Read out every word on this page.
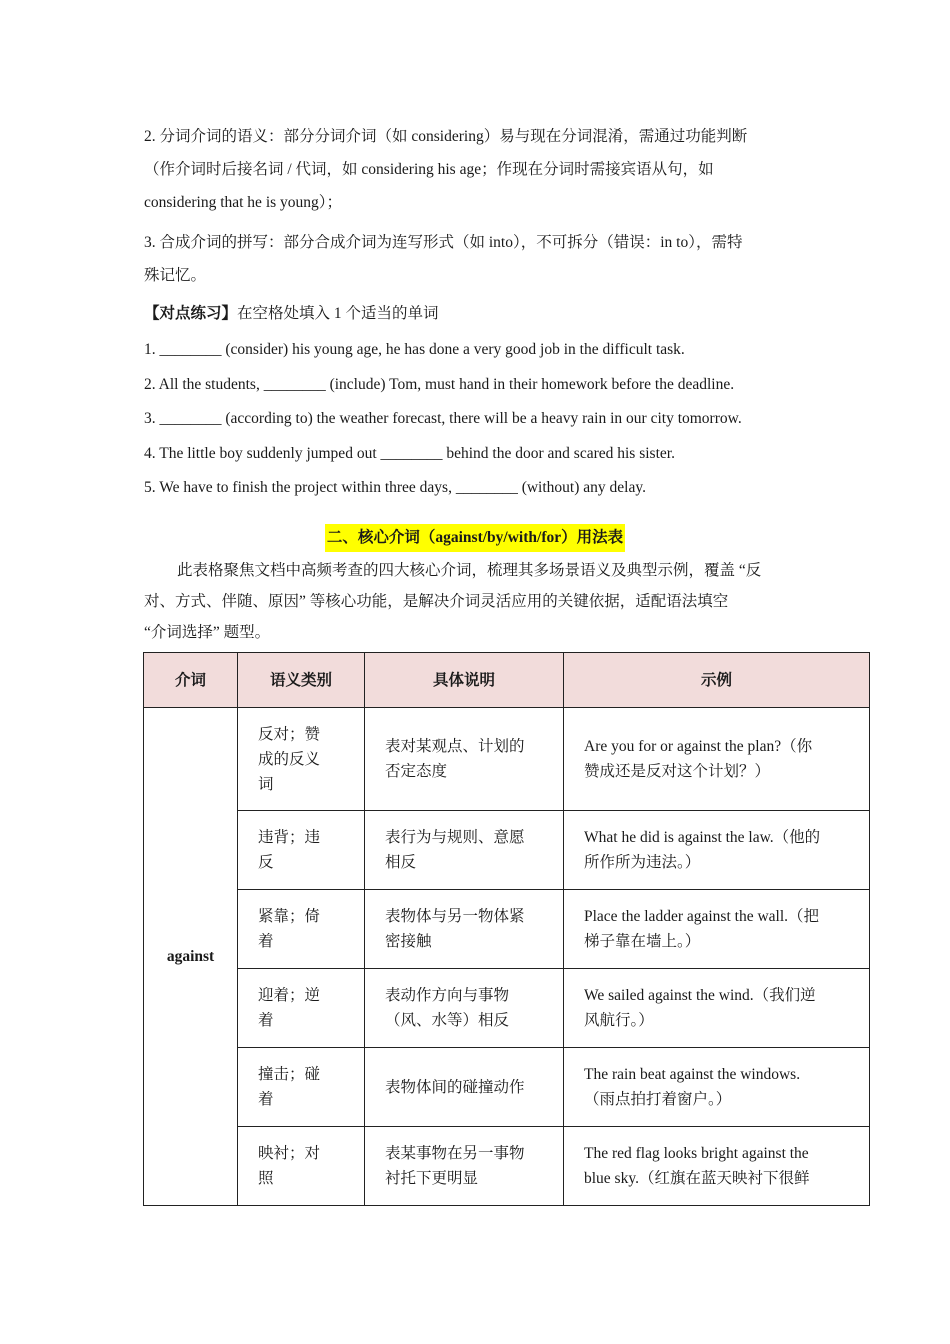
2. 分词介词的语义：部分分词介词（如 considering）易与现在分词混淆，需通过功能判断
（作介词时后接名词 / 代词，如 considering his age；作现在分词时需接宾语从句，如
considering that he is young）；
3. 合成介词的拼写：部分合成介词为连写形式（如 into），不可拆分（错误：in to），需特
殊记忆。
【对点练习】在空格处填入 1 个适当的单词
1. ________ (consider) his young age, he has done a very good job in the difficult task.
2. All the students, ________ (include) Tom, must hand in their homework before the deadline.
3. ________ (according to) the weather forecast, there will be a heavy rain in our city tomorrow.
4. The little boy suddenly jumped out ________ behind the door and scared his sister.
5. We have to finish the project within three days, ________ (without) any delay.
二、核心介词（against/by/with/for）用法表
此表格聚焦文档中高频考查的四大核心介词，梳理其多场景语义及典型示例，覆盖 “反
对、方式、伴随、原因” 等核心功能，是解决介词灵活应用的关键依据，适配语法填空
“介词选择” 题型。
介词	语义类别	具体说明	示例
against	反对；赞
成的反义
词	表对某观点、计划的
否定态度	Are you for or against the plan?（你
赞成还是反对这个计划？）

	违背；违
反	表行为与规则、意愿
相反	What he did is against the law.（他的
所作所为违法。）

	紧靠；倚
着	表物体与另一物体紧
密接触	Place the ladder against the wall.（把
梯子靠在墙上。）

	迎着；逆
着	表动作方向与事物
（风、水等）相反	We sailed against the wind.（我们逆
风航行。）

	撞击；碰
着	表物体间的碰撞动作	The rain beat against the windows.
（雨点拍打着窗户。）

	映衬；对
照	表某事物在另一事物
衬托下更明显	The red flag looks bright against the
blue sky.（红旗在蓝天映衬下很鲜
